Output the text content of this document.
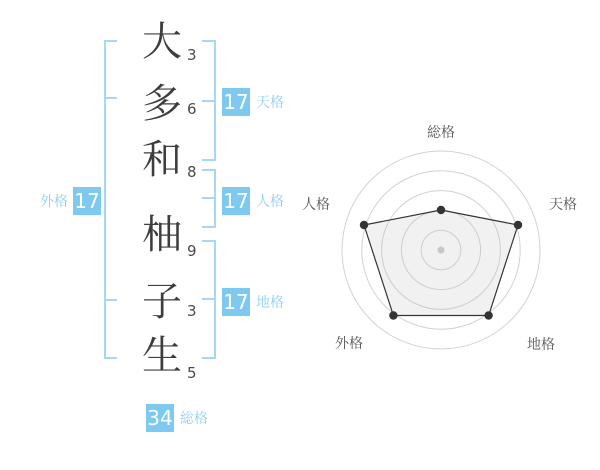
大
多
和
柚
子
生
3
6
8
9
3
5
17 天格
17 人格
17 地格
外格 17
34 総格
総格
天格
地格
外格
人格
